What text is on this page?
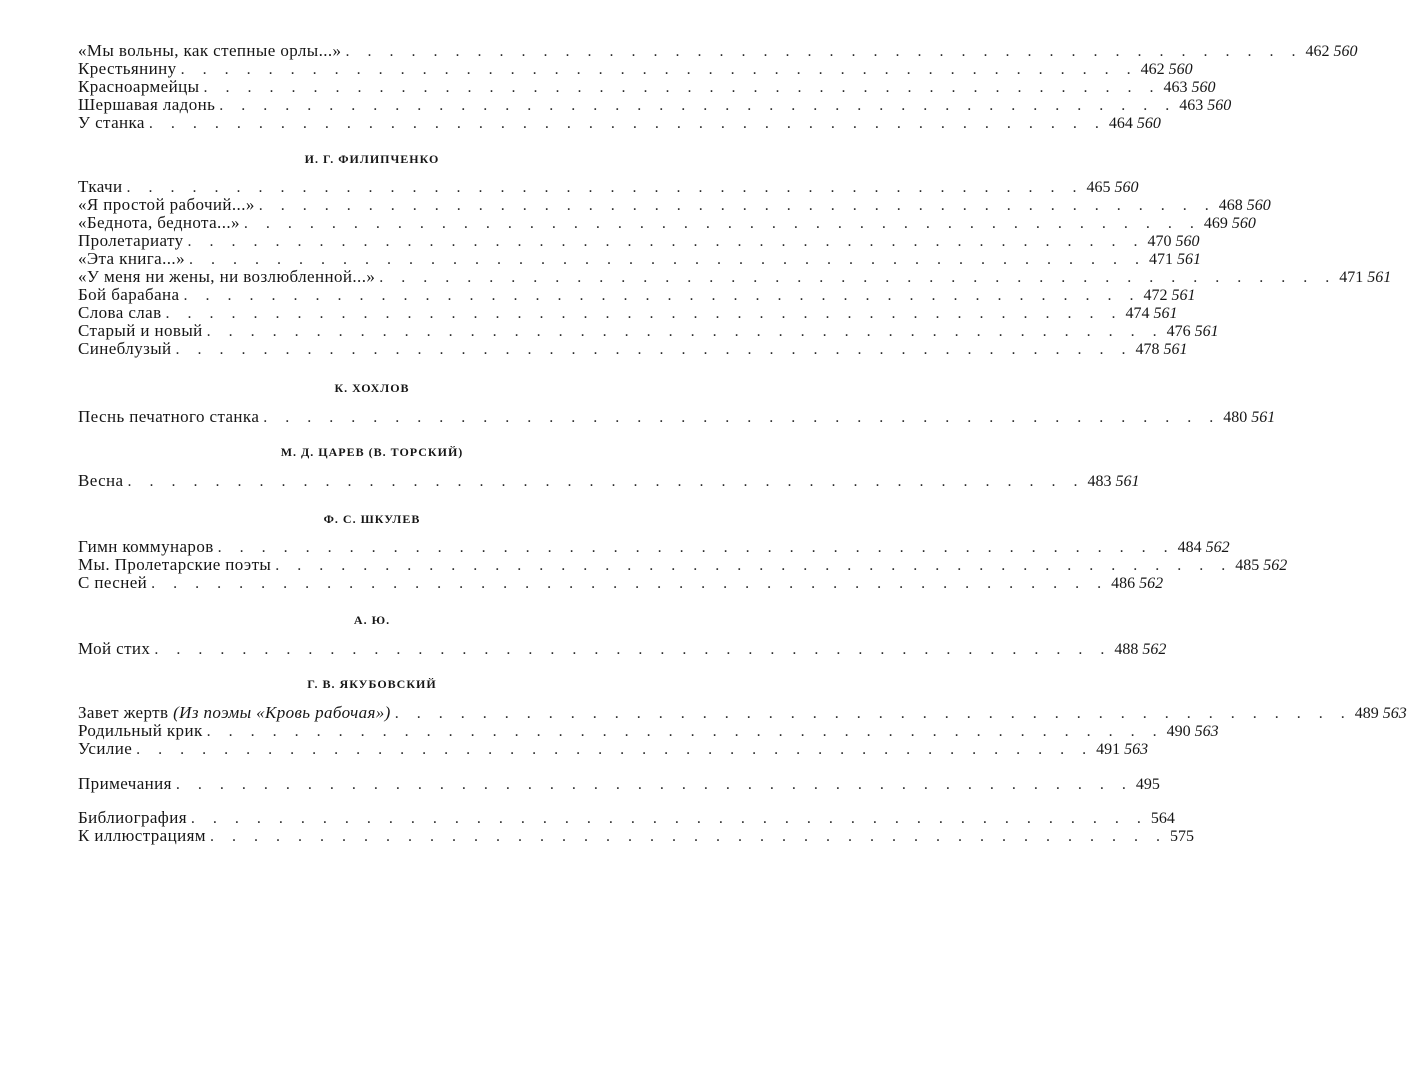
«Мы вольны, как степные орлы...» . . . . . . . . . . . . . . . . . . . . . . . . . . . . . . . . . . . . . . . . . . . . 462 560
Крестьянину . . . . . . . . . . . . . . . . . . . . . . . . . . . . . . . . . . . . . . . . . . . . 462 560
Красноармейцы . . . . . . . . . . . . . . . . . . . . . . . . . . . . . . . . . . . . . . . . . . . . 463 560
Шершавая ладонь . . . . . . . . . . . . . . . . . . . . . . . . . . . . . . . . . . . . . . . . . . . . 463 560
У станка . . . . . . . . . . . . . . . . . . . . . . . . . . . . . . . . . . . . . . . . . . . . 464 560
И. Г. ФИЛИПЧЕНКО
Ткачи . . . . . . . . . . . . . . . . . . . . . . . . . . . . . . . . . . . . . . . . . . . . 465 560
«Я простой рабочий...» . . . . . . . . . . . . . . . . . . . . . . . . . . . . . . . . . . . . . . . . . . . . 468 560
«Беднота, беднота...» . . . . . . . . . . . . . . . . . . . . . . . . . . . . . . . . . . . . . . . . . . . . 469 560
Пролетариату . . . . . . . . . . . . . . . . . . . . . . . . . . . . . . . . . . . . . . . . . . . . 470 560
«Эта книга...» . . . . . . . . . . . . . . . . . . . . . . . . . . . . . . . . . . . . . . . . . . . . 471 561
«У меня ни жены, ни возлюбленной...» . . . . . . . . . . . . . . . . . . . . . . . . . . . . . . . . . . . . . . . . . . . . 471 561
Бой барабана . . . . . . . . . . . . . . . . . . . . . . . . . . . . . . . . . . . . . . . . . . . . 472 561
Слова слав . . . . . . . . . . . . . . . . . . . . . . . . . . . . . . . . . . . . . . . . . . . . 474 561
Старый и новый . . . . . . . . . . . . . . . . . . . . . . . . . . . . . . . . . . . . . . . . . . . . 476 561
Синеблузый . . . . . . . . . . . . . . . . . . . . . . . . . . . . . . . . . . . . . . . . . . . . 478 561
К. ХОХЛОВ
Песнь печатного станка . . . . . . . . . . . . . . . . . . . . . . . . . . . . . . . . . . . . . . . . . . . . 480 561
М. Д. ЦАРЕВ (В. ТОРСКИЙ)
Весна . . . . . . . . . . . . . . . . . . . . . . . . . . . . . . . . . . . . . . . . . . . . 483 561
Ф. С. ШКУЛЕВ
Гимн коммунаров . . . . . . . . . . . . . . . . . . . . . . . . . . . . . . . . . . . . . . . . . . . . 484 562
Мы. Пролетарские поэты . . . . . . . . . . . . . . . . . . . . . . . . . . . . . . . . . . . . . . . . . . . . 485 562
С песней . . . . . . . . . . . . . . . . . . . . . . . . . . . . . . . . . . . . . . . . . . . . 486 562
А. Ю.
Мой стих . . . . . . . . . . . . . . . . . . . . . . . . . . . . . . . . . . . . . . . . . . . . 488 562
Г. В. ЯКУБОВСКИЙ
Завет жертв (Из поэмы «Кровь рабочая») . . . . . . . . . . . . . . . . . . . . . . . . . . . . . . . . . . . . . . . . . . . . 489 563
Родильный крик . . . . . . . . . . . . . . . . . . . . . . . . . . . . . . . . . . . . . . . . . . . . 490 563
Усилие . . . . . . . . . . . . . . . . . . . . . . . . . . . . . . . . . . . . . . . . . . . . 491 563
Примечания . . . . . . . . . . . . . . . . . . . . . . . . . . . . . . . . . . . . . . . . . . . . 495
Библиография . . . . . . . . . . . . . . . . . . . . . . . . . . . . . . . . . . . . . . . . . . . . 564
К иллюстрациям . . . . . . . . . . . . . . . . . . . . . . . . . . . . . . . . . . . . . . . . . . . . 575
